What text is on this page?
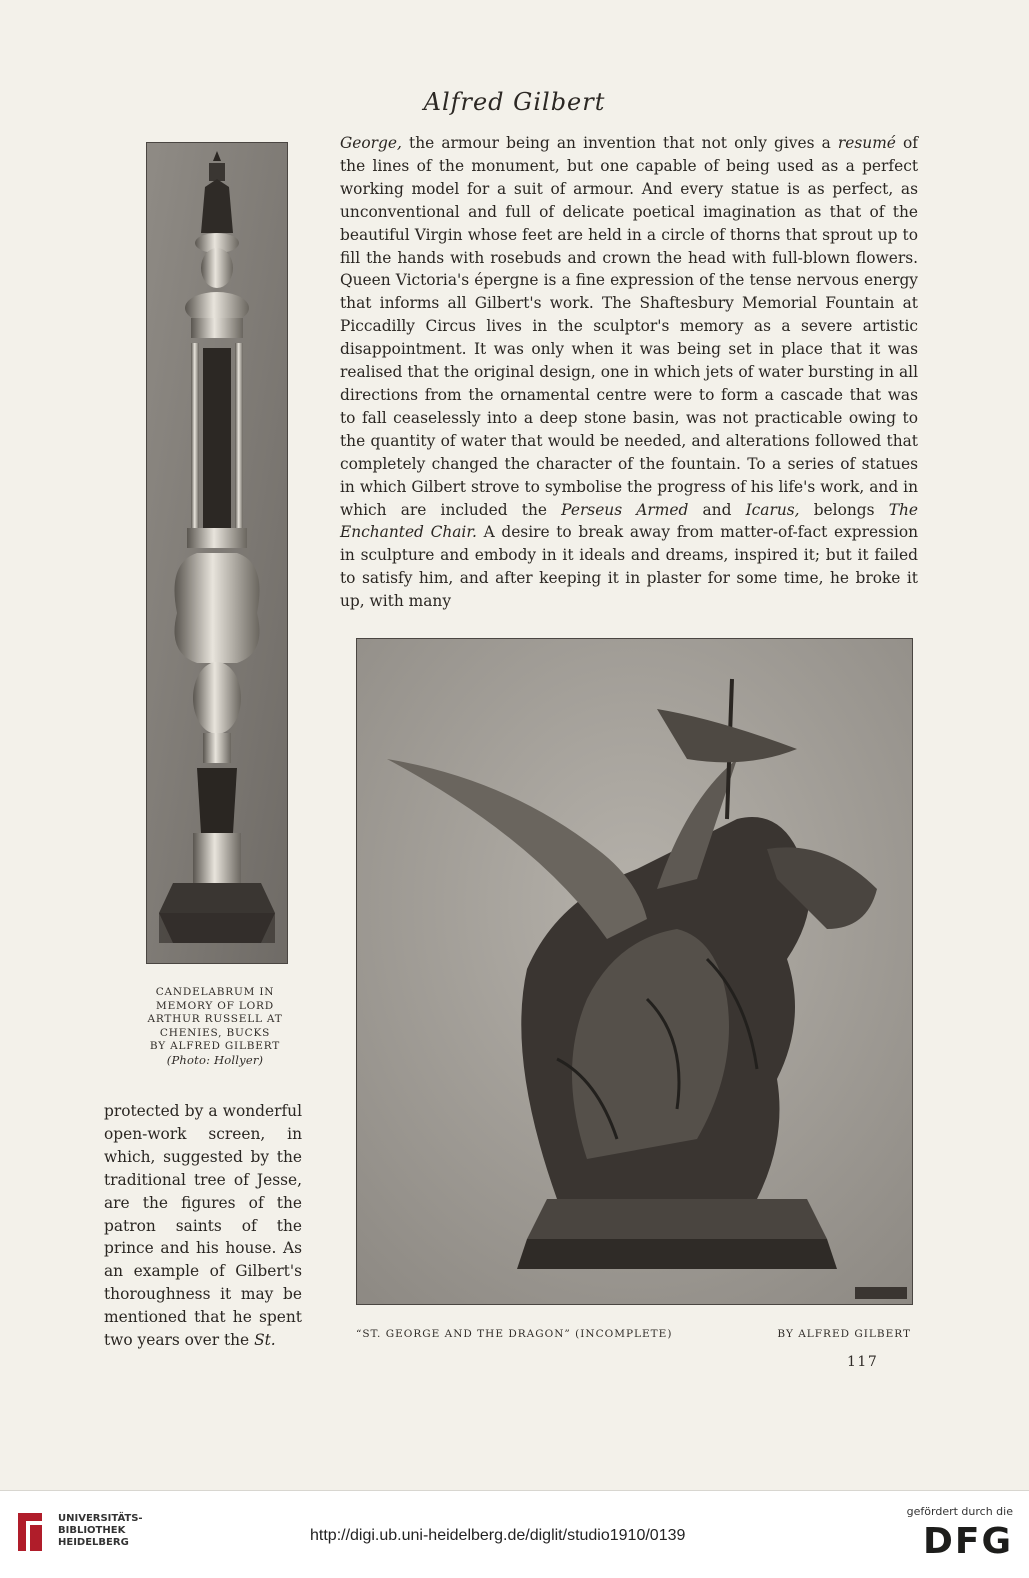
Alfred Gilbert
CANDELABRUM IN
MEMORY OF LORD
ARTHUR RUSSELL AT
CHENIES, BUCKS
BY ALFRED GILBERT
(Photo: Hollyer)

George, the armour being an invention that not only gives a resumé of the lines of the monument, but one capable of being used as a perfect working model for a suit of armour. And every statue is as perfect, as unconventional and full of delicate poetical imagination as that of the beautiful Virgin whose feet are held in a circle of thorns that sprout up to fill the hands with rosebuds and crown the head with full-blown flowers. Queen Victoria's épergne is a fine expression of the tense nervous energy that informs all Gilbert's work. The Shaftesbury Memorial Fountain at Piccadilly Circus lives in the sculptor's memory as a severe artistic disappointment. It was only when it was being set in place that it was realised that the original design, one in which jets of water bursting in all directions from the ornamental centre were to form a cascade that was to fall ceaselessly into a deep stone basin, was not practicable owing to the quantity of water that would be needed, and alterations followed that completely changed the character of the fountain. To a series of statues in which Gilbert strove to symbolise the progress of his life's work, and in which are included the Perseus Armed and Icarus, belongs The Enchanted Chair. A desire to break away from matter-of-fact expression in sculpture and embody in it ideals and dreams, inspired it; but it failed to satisfy him, and after keeping it in plaster for some time, he broke it up, with many

protected by a wonderful open-work screen, in which, suggested by the traditional tree of Jesse, are the figures of the patron saints of the prince and his house. As an example of Gilbert's thoroughness it may be mentioned that he spent two years over the St.	“ST. GEORGE AND THE DRAGON” (INCOMPLETE)	BY ALFRED GILBERT
117
UNIVERSITÄTS-
BIBLIOTHEK
HEIDELBERG	http://digi.ub.uni-heidelberg.de/diglit/studio1910/0139
gefördert durch die
DFG
